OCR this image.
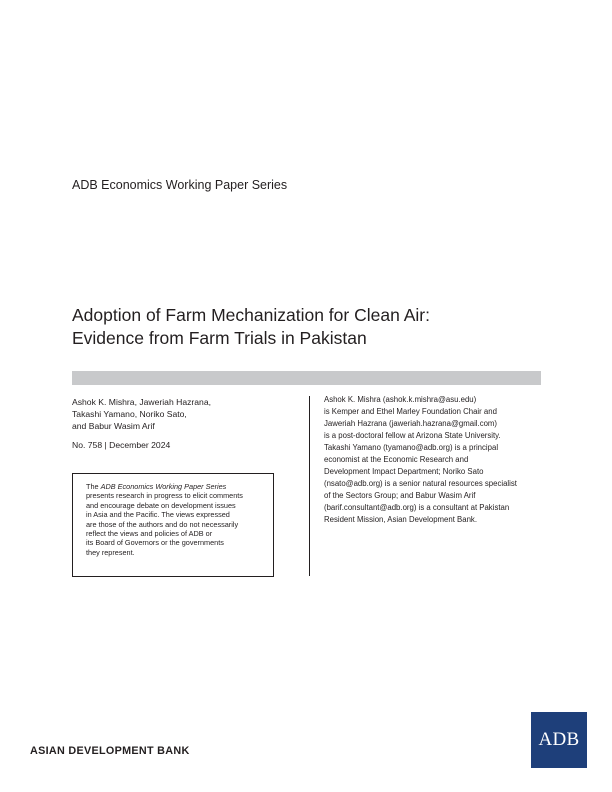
ADB Economics Working Paper Series
Adoption of Farm Mechanization for Clean Air:
Evidence from Farm Trials in Pakistan
Ashok K. Mishra, Jaweriah Hazrana,
Takashi Yamano, Noriko Sato,
and Babur Wasim Arif
No. 758 | December 2024
The ADB Economics Working Paper Series
presents research in progress to elicit comments
and encourage debate on development issues
in Asia and the Pacific. The views expressed
are those of the authors and do not necessarily
reflect the views and policies of ADB or
its Board of Governors or the governments
they represent.
Ashok K. Mishra (ashok.k.mishra@asu.edu)
is Kemper and Ethel Marley Foundation Chair and
Jaweriah Hazrana (jaweriah.hazrana@gmail.com)
is a post-doctoral fellow at Arizona State University.
Takashi Yamano (tyamano@adb.org) is a principal
economist at the Economic Research and
Development Impact Department; Noriko Sato
(nsato@adb.org) is a senior natural resources specialist
of the Sectors Group; and Babur Wasim Arif
(barif.consultant@adb.org) is a consultant at Pakistan
Resident Mission, Asian Development Bank.
ASIAN DEVELOPMENT BANK
ADB
